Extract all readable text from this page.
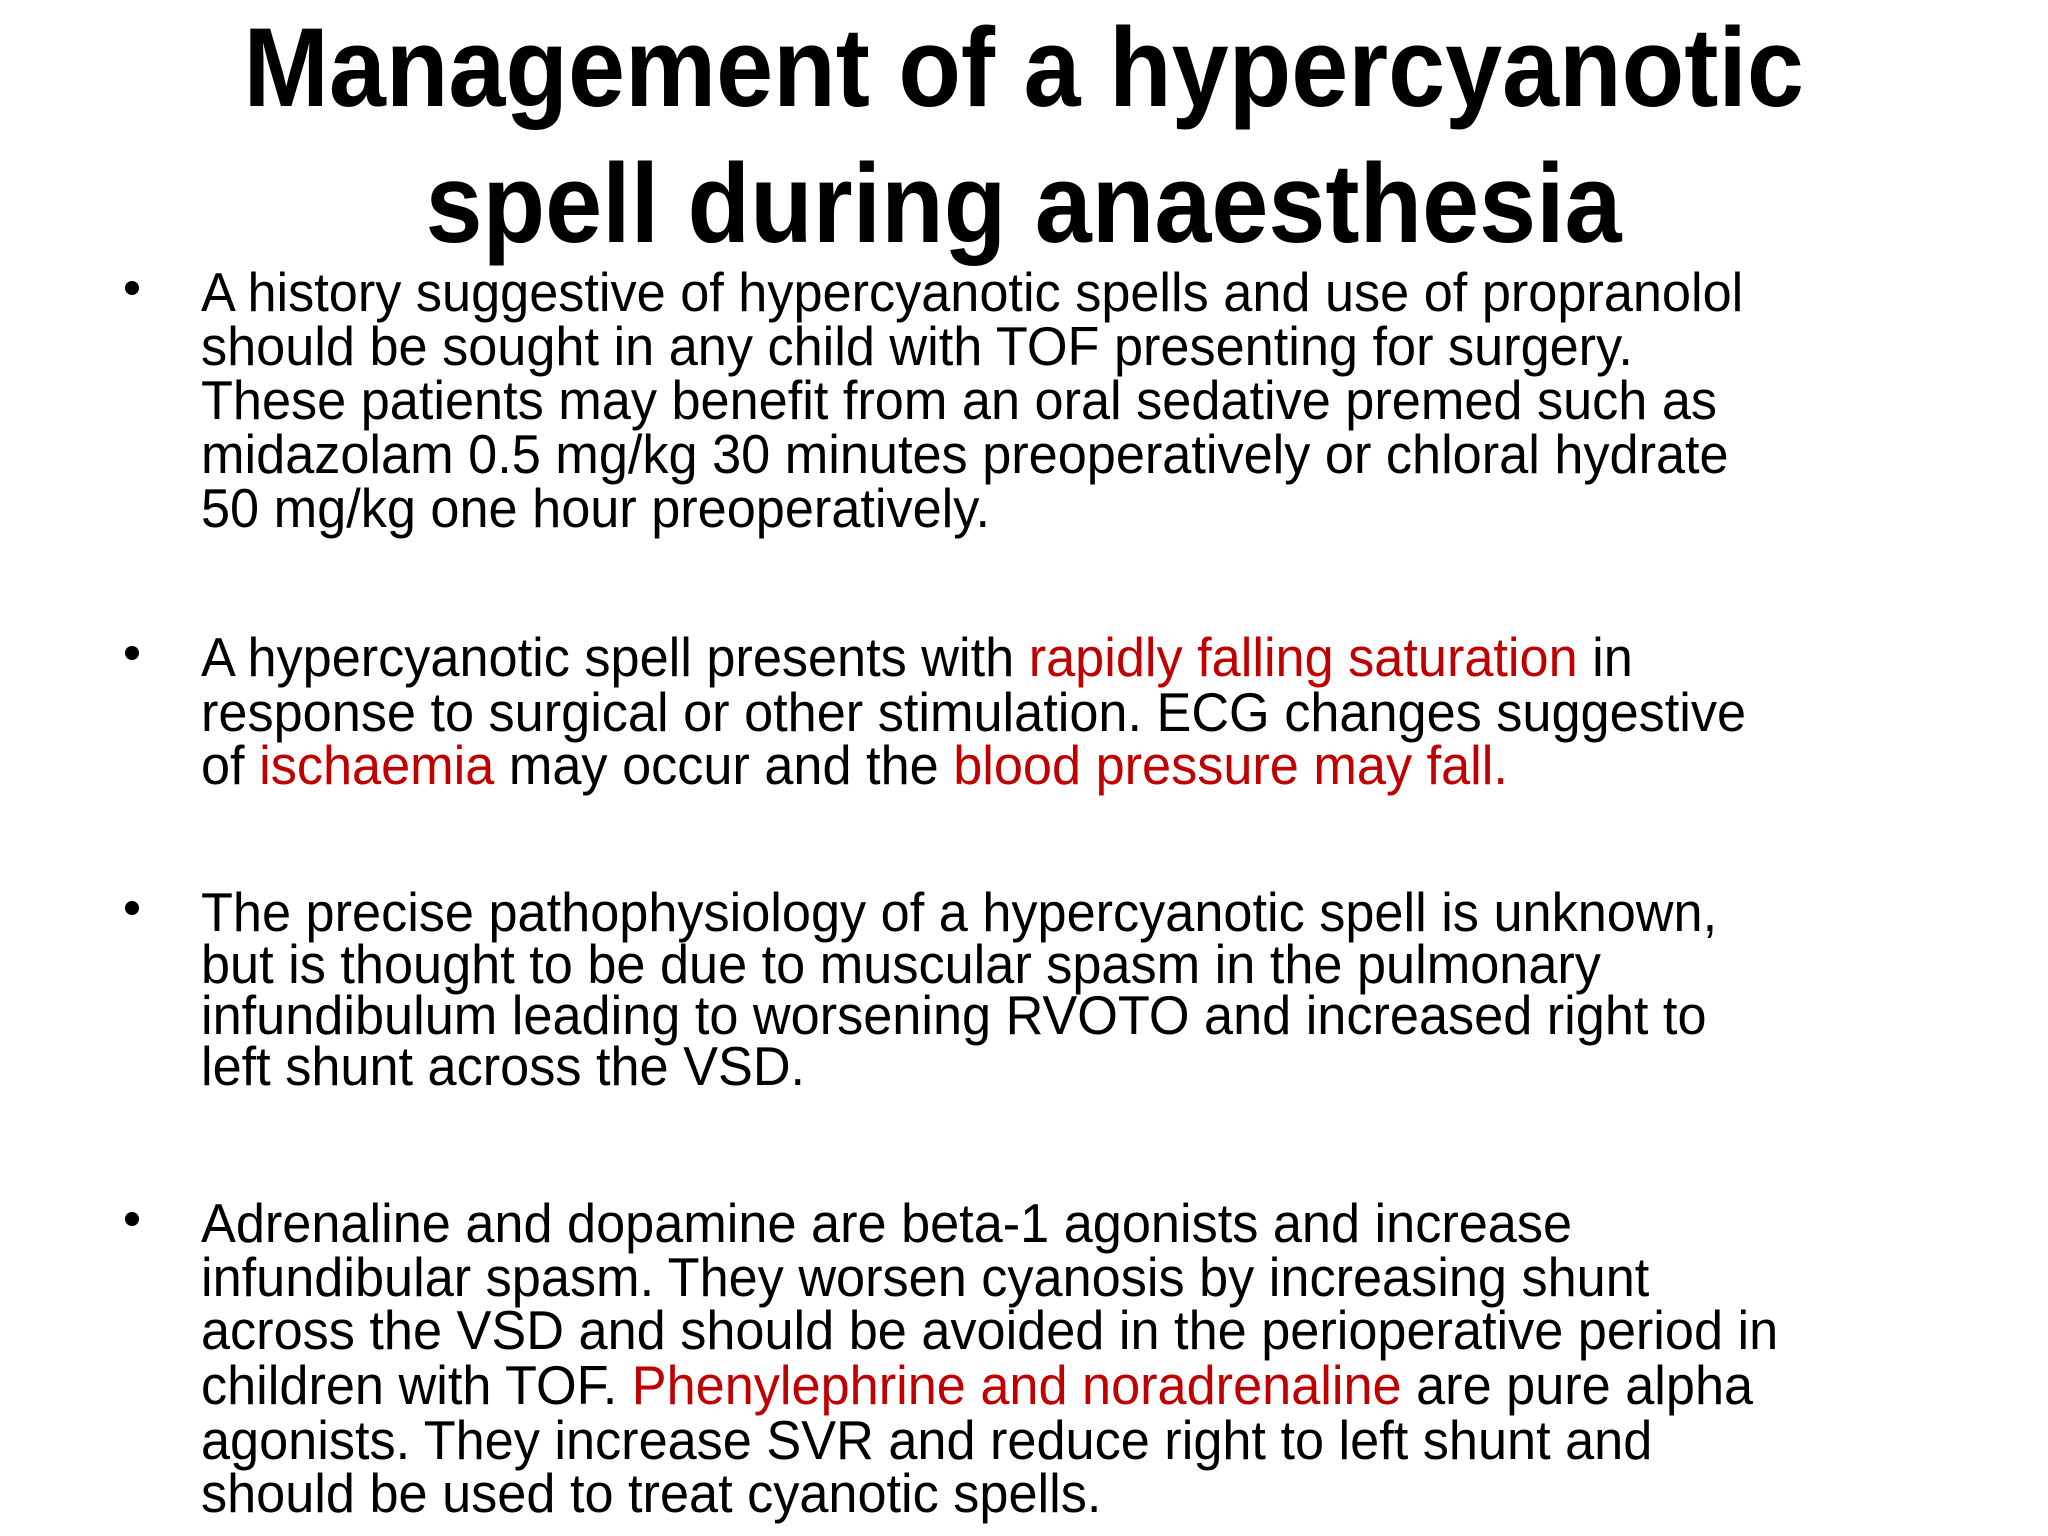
Management of a hypercyanotic
spell during anaesthesia
A history suggestive of hypercyanotic spells and use of propranolol
should be sought in any child with TOF presenting for surgery.
These patients may benefit from an oral sedative premed such as
midazolam 0.5 mg/kg 30 minutes preoperatively or chloral hydrate
50 mg/kg one hour preoperatively.
A hypercyanotic spell presents with rapidly falling saturation in
response to surgical or other stimulation. ECG changes suggestive
of ischaemia may occur and the blood pressure may fall.
The precise pathophysiology of a hypercyanotic spell is unknown,
but is thought to be due to muscular spasm in the pulmonary
infundibulum leading to worsening RVOTO and increased right to
left shunt across the VSD.
Adrenaline and dopamine are beta-1 agonists and increase
infundibular spasm. They worsen cyanosis by increasing shunt
across the VSD and should be avoided in the perioperative period in
children with TOF. Phenylephrine and noradrenaline are pure alpha
agonists. They increase SVR and reduce right to left shunt and
should be used to treat cyanotic spells.
